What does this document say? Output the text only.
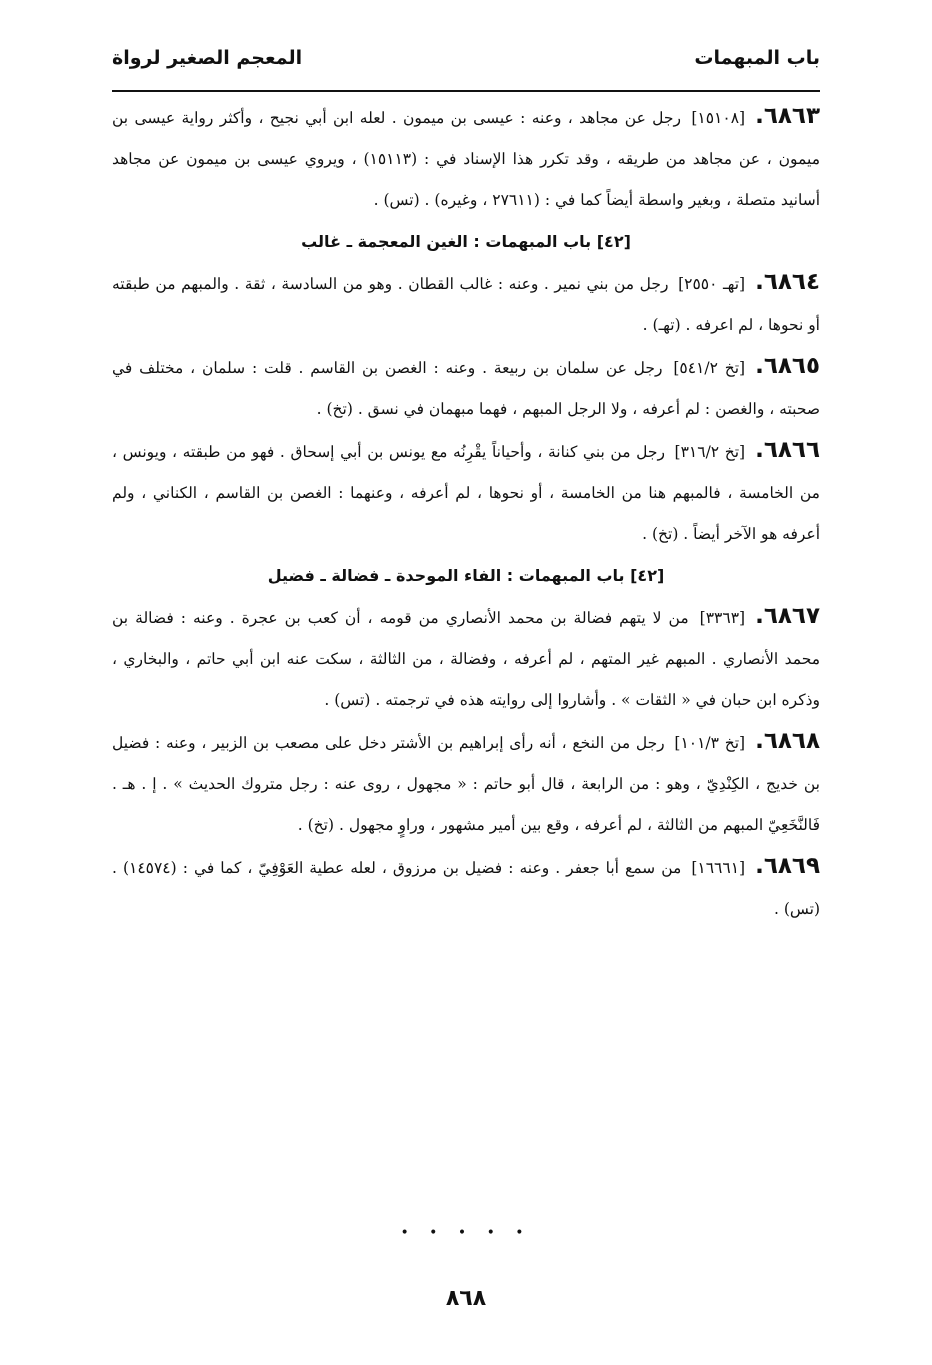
باب المبهمات
المعجم الصغير لرواة

٦٨٦٣.[١٥١٠٨] رجل عن مجاهد ، وعنه : عيسى بن ميمون . لعله ابن أبي نجيح ، وأكثر رواية عيسى بن ميمون ، عن مجاهد من طريقه ، وقد تكرر هذا الإسناد في : (١٥١١٣) ، ويروي عيسى بن ميمون عن مجاهد أسانيد متصلة ، وبغير واسطة أيضاً كما في : (٢٧٦١١ ، وغيره) . (تس) .

[٤٢] باب المبهمات : الغين المعجمة ـ غالب

٦٨٦٤.[تهـ ٢٥٥٠] رجل من بني نمير . وعنه : غالب القطان . وهو من السادسة ، ثقة . والمبهم من طبقته أو نحوها ، لم اعرفه . (تهـ) .

٦٨٦٥.[تخ ٥٤١/٢] رجل عن سلمان بن ربيعة . وعنه : الغصن بن القاسم . قلت : سلمان ، مختلف في صحبته ، والغصن : لم أعرفه ، ولا الرجل المبهم ، فهما مبهمان في نسق . (تخ) .

٦٨٦٦.[تخ ٣١٦/٢] رجل من بني كنانة ، وأحياناً يقْرِنُه مع يونس بن أبي إسحاق . فهو من طبقته ، ويونس ، من الخامسة ، فالمبهم هنا من الخامسة ، أو نحوها ، لم أعرفه ، وعنهما : الغصن بن القاسم ، الكناني ، ولم أعرفه هو الآخر أيضاً . (تخ) .

[٤٢] باب المبهمات : الفاء الموحدة ـ فضالة ـ فضيل

٦٨٦٧.[٣٣٦٣] من لا يتهم فضالة بن محمد الأنصاري من قومه ، أن كعب بن عجرة . وعنه : فضالة بن محمد الأنصاري . المبهم غير المتهم ، لم أعرفه ، وفضالة ، من الثالثة ، سكت عنه ابن أبي حاتم ، والبخاري ، وذكره ابن حبان في « الثقات » . وأشاروا إلى روايته هذه في ترجمته . (تس) .

٦٨٦٨.[تخ ١٠١/٣] رجل من النخع ، أنه رأى إبراهيم بن الأشتر دخل على مصعب بن الزبير ، وعنه : فضيل بن خديج ، الكِنْدِيّ ، وهو : من الرابعة ، قال أبو حاتم : « مجهول ، روى عنه : رجل متروك الحديث » . إ . هـ . فَالنَّخَعِيّ المبهم من الثالثة ، لم أعرفه ، وقع بين أمير مشهور ، وراوٍ مجهول . (تخ) .

٦٨٦٩.[١٦٦٦١] من سمع أبا جعفر . وعنه : فضيل بن مرزوق ، لعله عطية العَوْفِيّ ، كما في : (١٤٥٧٤) . (تس) .

• • • • •
٨٦٨
